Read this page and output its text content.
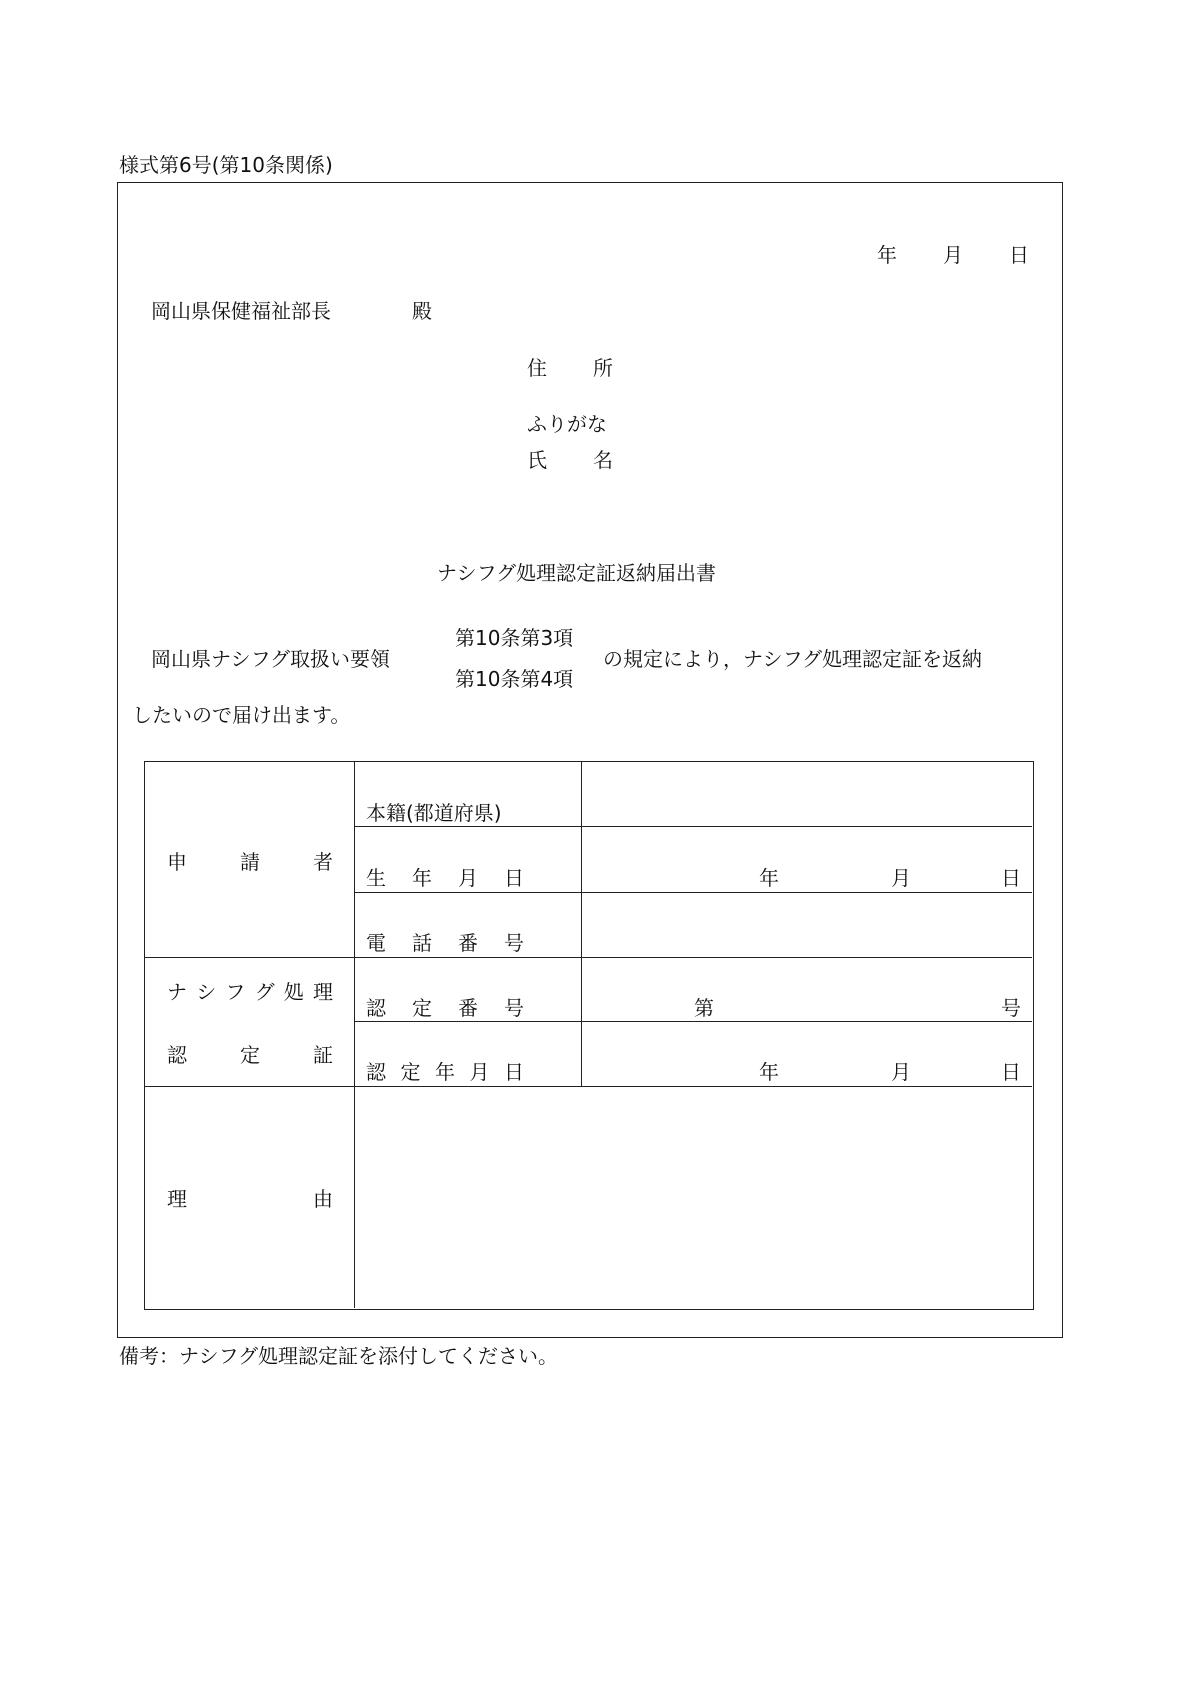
様式第6号(第10条関係)
年 月 日
岡山県保健福祉部長	殿
住 所
ふりがな
氏 名
ナシフグ処理認定証返納届出書
岡山県ナシフグ取扱い要領
第10条第3項
第10条第4項
の規定により，ナシフグ処理認定証を返納
したいので届け出ます。
申	請	者
本籍(都道府県)
生 年 月 日	年	月	日
電 話 番 号
ナ シ フ グ 処 理
認	定	証
認 定 番 号	第	号
認 定 年 月 日	年	月	日
理	由
備考：ナシフグ処理認定証を添付してください。
